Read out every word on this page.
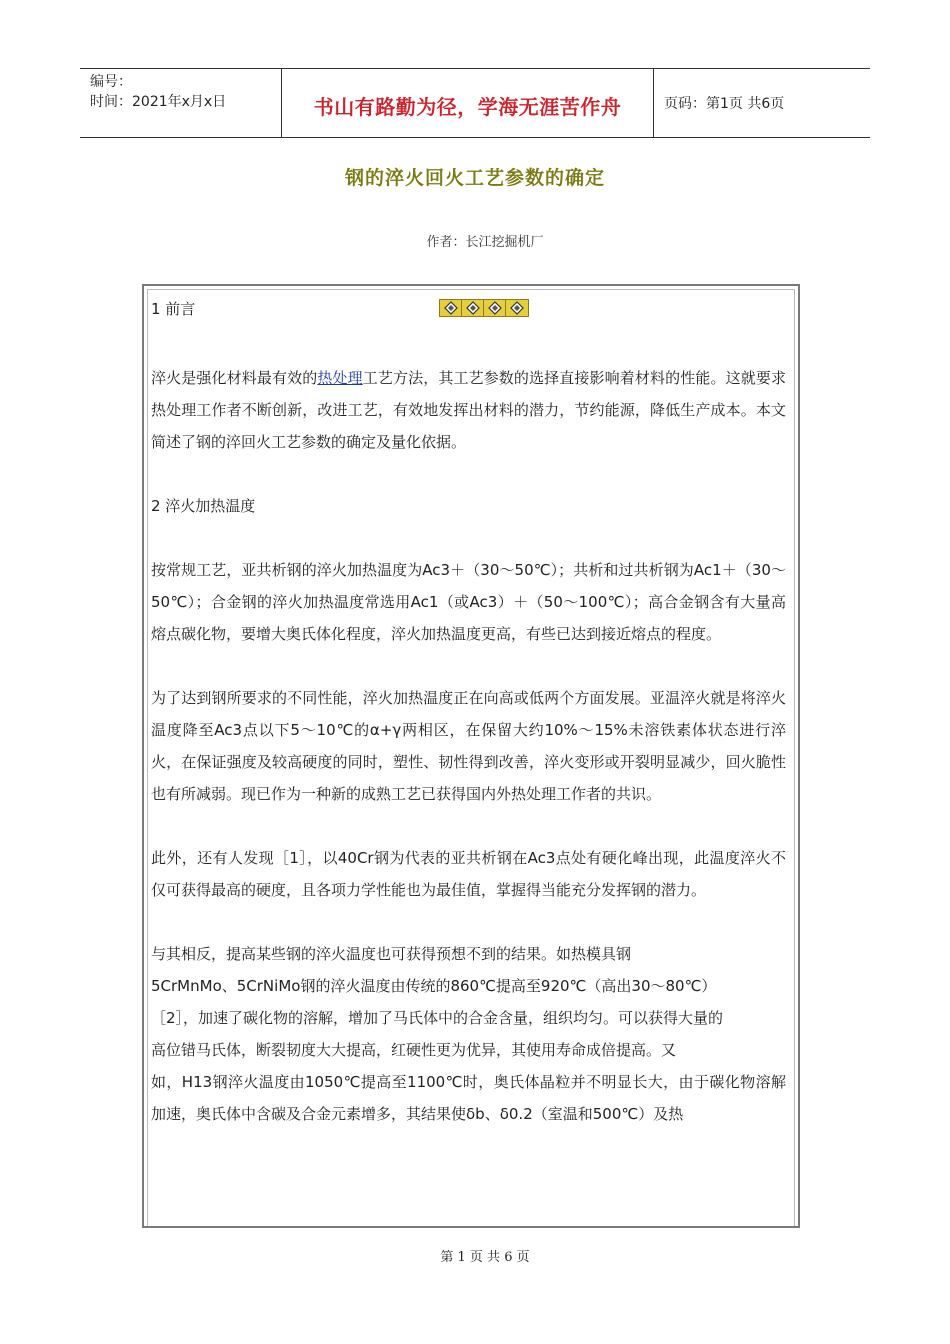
编号：
时间：2021年x月x日	书山有路勤为径，学海无涯苦作舟	页码：第1页 共6页
钢的淬火回火工艺参数的确定
作者：长江挖掘机厂
1 前言

淬火是强化材料最有效的热处理工艺方法，其工艺参数的选择直接影响着材料的性能。这就要求热处理工作者不断创新，改进工艺，有效地发挥出材料的潜力，节约能源，降低生产成本。本文简述了钢的淬回火工艺参数的确定及量化依据。

2 淬火加热温度

按常规工艺，亚共析钢的淬火加热温度为Ac3＋（30～50℃）；共析和过共析钢为Ac1＋（30～50℃）；合金钢的淬火加热温度常选用Ac1（或Ac3）＋（50～100℃）；高合金钢含有大量高熔点碳化物，要增大奥氏体化程度，淬火加热温度更高，有些已达到接近熔点的程度。

为了达到钢所要求的不同性能，淬火加热温度正在向高或低两个方面发展。亚温淬火就是将淬火温度降至Ac3点以下5～10℃的α+γ两相区，在保留大约10%～15%未溶铁素体状态进行淬火，在保证强度及较高硬度的同时，塑性、韧性得到改善，淬火变形或开裂明显减少，回火脆性也有所减弱。现已作为一种新的成熟工艺已获得国内外热处理工作者的共识。

此外，还有人发现［1］，以40Cr钢为代表的亚共析钢在Ac3点处有硬化峰出现，此温度淬火不仅可获得最高的硬度，且各项力学性能也为最佳值，掌握得当能充分发挥钢的潜力。

与其相反，提高某些钢的淬火温度也可获得预想不到的结果。如热模具钢

5CrMnMo、5CrNiMo钢的淬火温度由传统的860℃提高至920℃（高出30～80℃）

［2］，加速了碳化物的溶解，增加了马氏体中的合金含量，组织均匀。可以获得大量的

高位错马氏体，断裂韧度大大提高，红硬性更为优异，其使用寿命成倍提高。又

如，H13钢淬火温度由1050℃提高至1100℃时，奥氏体晶粒并不明显长大，由于碳化物溶解加速，奥氏体中含碳及合金元素增多，其结果使δb、δ0.2（室温和500℃）及热

第 1 页 共 6 页
